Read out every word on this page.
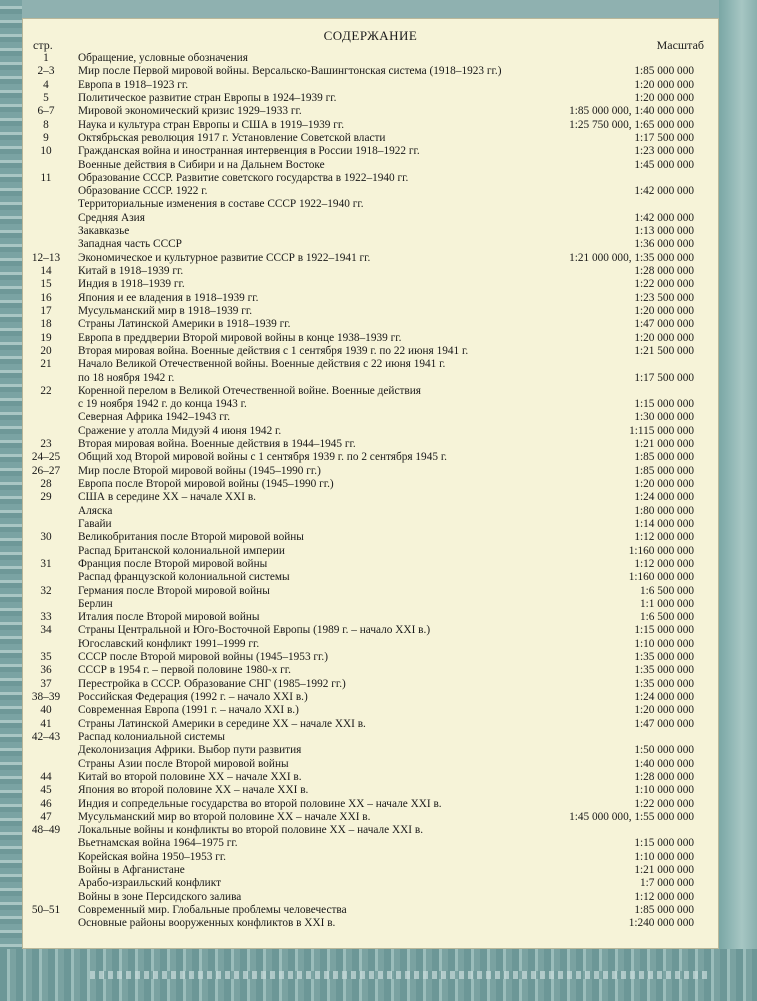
СОДЕРЖАНИЕ
стр.	Масштаб
1	Обращение, условные обозначения
2–3	Мир после Первой мировой войны. Версальско-Вашингтонская система (1918–1923 гг.)	1:85 000 000
4	Европа в 1918–1923 гг.	1:20 000 000
5	Политическое развитие стран Европы в 1924–1939 гг.	1:20 000 000
6–7	Мировой экономический кризис 1929–1933 гг.	1:85 000 000, 1:40 000 000
8	Наука и культура стран Европы и США в 1919–1939 гг.	1:25 750 000, 1:65 000 000
9	Октябрьская революция 1917 г. Установление Советской власти	1:17 500 000
10	Гражданская война и иностранная интервенция в России 1918–1922 гг.	1:23 000 000
Военные действия в Сибири и на Дальнем Востоке	1:45 000 000
11	Образование СССР. Развитие советского государства в 1922–1940 гг.
Образование СССР. 1922 г.	1:42 000 000
Территориальные изменения в составе СССР 1922–1940 гг.
Средняя Азия	1:42 000 000
Закавказье	1:13 000 000
Западная часть СССР	1:36 000 000
12–13	Экономическое и культурное развитие СССР в 1922–1941 гг.	1:21 000 000, 1:35 000 000
14	Китай в 1918–1939 гг.	1:28 000 000
15	Индия в 1918–1939 гг.	1:22 000 000
16	Япония и ее владения в 1918–1939 гг.	1:23 500 000
17	Мусульманский мир в 1918–1939 гг.	1:20 000 000
18	Страны Латинской Америки в 1918–1939 гг.	1:47 000 000
19	Европа в преддверии Второй мировой войны в конце 1938–1939 гг.	1:20 000 000
20	Вторая мировая война. Военные действия с 1 сентября 1939 г. по 22 июня 1941 г.	1:21 500 000
21	Начало Великой Отечественной войны. Военные действия с 22 июня 1941 г.
по 18 ноября 1942 г.	1:17 500 000
22	Коренной перелом в Великой Отечественной войне. Военные действия
с 19 ноября 1942 г. до конца 1943 г.	1:15 000 000
Северная Африка 1942–1943 гг.	1:30 000 000
Сражение у атолла Мидуэй 4 июня 1942 г.	1:115 000 000
23	Вторая мировая война. Военные действия в 1944–1945 гг.	1:21 000 000
24–25	Общий ход Второй мировой войны с 1 сентября 1939 г. по 2 сентября 1945 г.	1:85 000 000
26–27	Мир после Второй мировой войны (1945–1990 гг.)	1:85 000 000
28	Европа после Второй мировой войны (1945–1990 гг.)	1:20 000 000
29	США в середине XX – начале XXI в.	1:24 000 000
Аляска	1:80 000 000
Гавайи	1:14 000 000
30	Великобритания после Второй мировой войны	1:12 000 000
Распад Британской колониальной империи	1:160 000 000
31	Франция после Второй мировой войны	1:12 000 000
Распад французской колониальной системы	1:160 000 000
32	Германия после Второй мировой войны	1:6 500 000
Берлин	1:1 000 000
33	Италия после Второй мировой войны	1:6 500 000
34	Страны Центральной и Юго-Восточной Европы (1989 г. – начало XXI в.)	1:15 000 000
Югославский конфликт 1991–1999 гг.	1:10 000 000
35	СССР после Второй мировой войны (1945–1953 гг.)	1:35 000 000
36	СССР в 1954 г. – первой половине 1980-х гг.	1:35 000 000
37	Перестройка в СССР. Образование СНГ (1985–1992 гг.)	1:35 000 000
38–39	Российская Федерация (1992 г. – начало XXI в.)	1:24 000 000
40	Современная Европа (1991 г. – начало XXI в.)	1:20 000 000
41	Страны Латинской Америки в середине XX – начале XXI в.	1:47 000 000
42–43	Распад колониальной системы
Деколонизация Африки. Выбор пути развития	1:50 000 000
Страны Азии после Второй мировой войны	1:40 000 000
44	Китай во второй половине XX – начале XXI в.	1:28 000 000
45	Япония во второй половине XX – начале XXI в.	1:10 000 000
46	Индия и сопредельные государства во второй половине XX – начале XXI в.	1:22 000 000
47	Мусульманский мир во второй половине XX – начале XXI в.	1:45 000 000, 1:55 000 000
48–49	Локальные войны и конфликты во второй половине XX – начале XXI в.
Вьетнамская война 1964–1975 гг.	1:15 000 000
Корейская война 1950–1953 гг.	1:10 000 000
Войны в Афганистане	1:21 000 000
Арабо-израильский конфликт	1:7 000 000
Войны в зоне Персидского залива	1:12 000 000
50–51	Современный мир. Глобальные проблемы человечества	1:85 000 000
Основные районы вооруженных конфликтов в XXI в.	1:240 000 000
